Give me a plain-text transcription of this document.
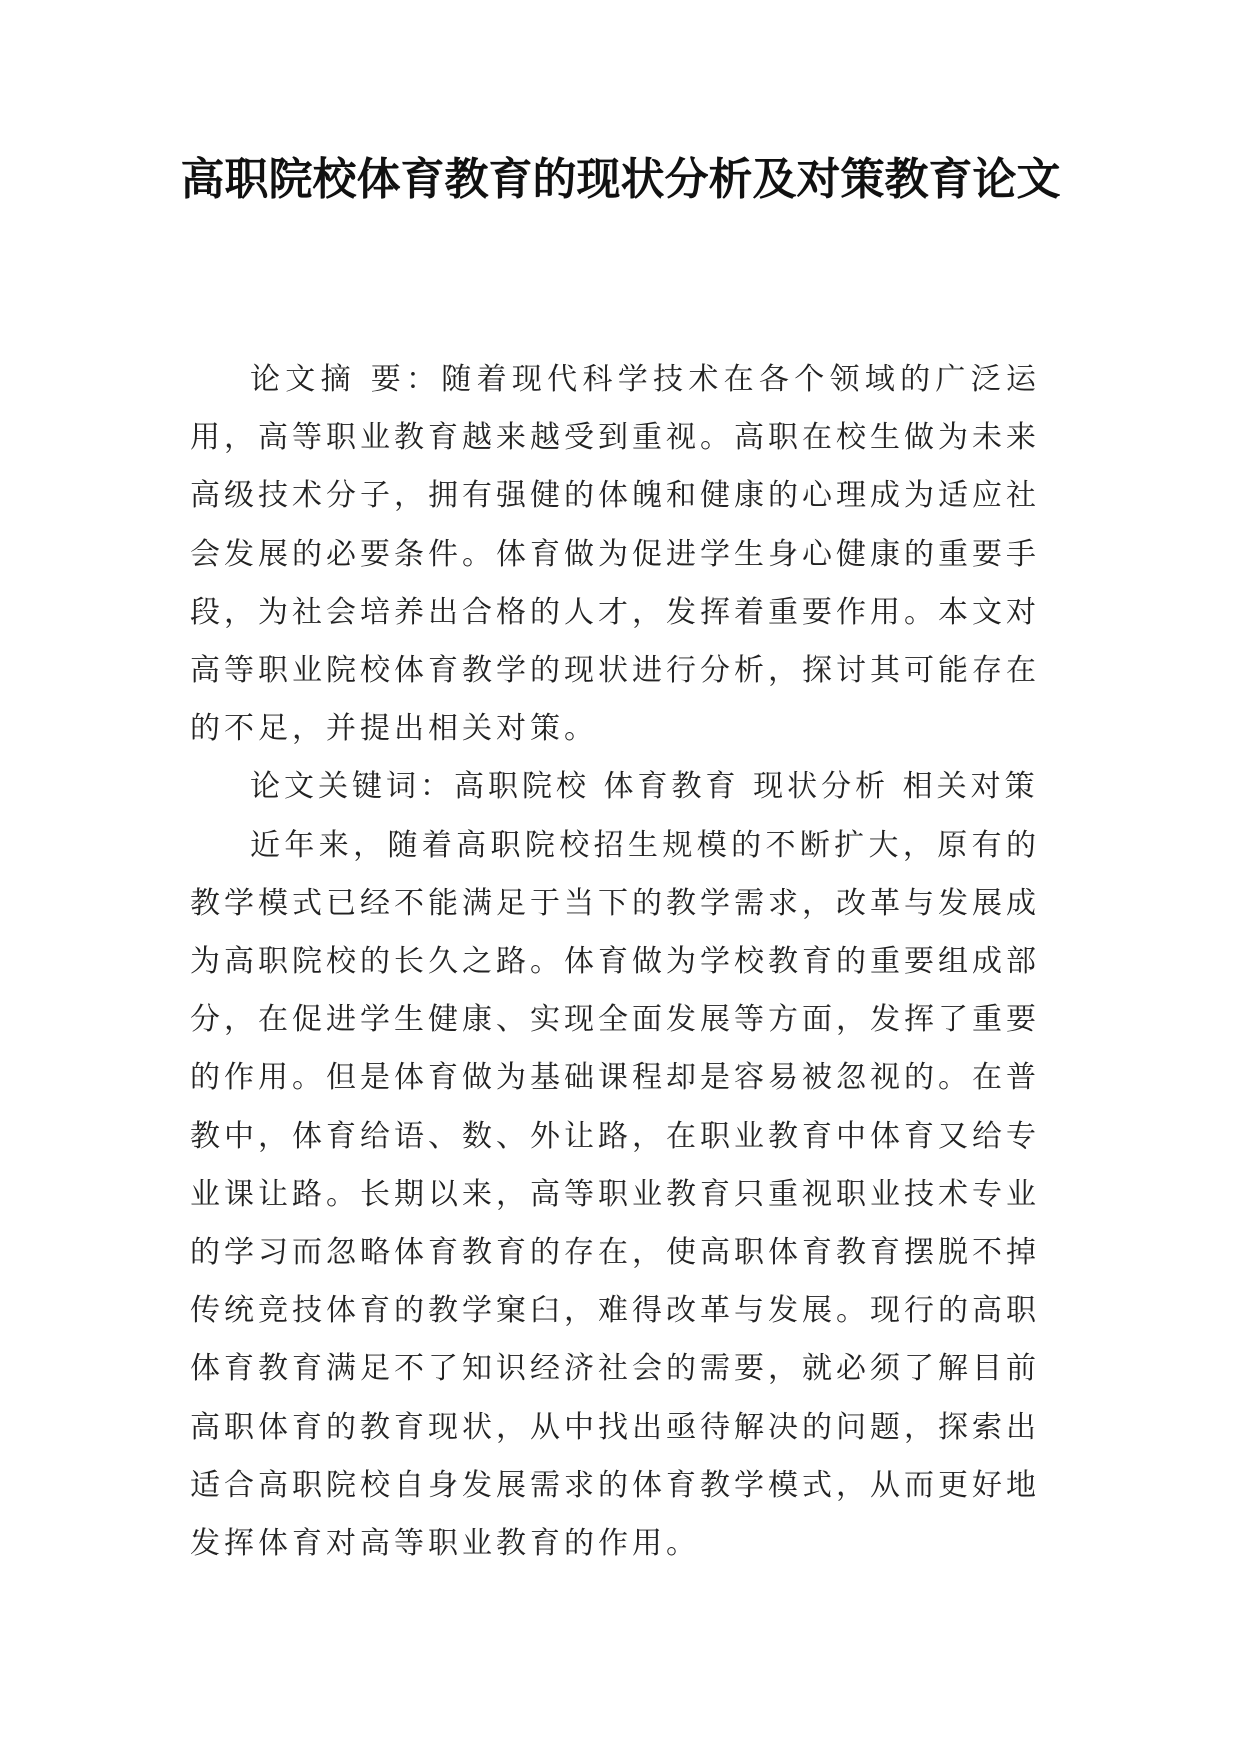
高职院校体育教育的现状分析及对策教育论文

论文摘 要：随着现代科学技术在各个领域的广泛运用，高等职业教育越来越受到重视。高职在校生做为未来高级技术分子，拥有强健的体魄和健康的心理成为适应社会发展的必要条件。体育做为促进学生身心健康的重要手段，为社会培养出合格的人才，发挥着重要作用。本文对高等职业院校体育教学的现状进行分析，探讨其可能存在的不足，并提出相关对策。

论文关键词：高职院校 体育教育 现状分析 相关对策

近年来，随着高职院校招生规模的不断扩大，原有的教学模式已经不能满足于当下的教学需求，改革与发展成为高职院校的长久之路。体育做为学校教育的重要组成部分，在促进学生健康、实现全面发展等方面，发挥了重要的作用。但是体育做为基础课程却是容易被忽视的。在普教中，体育给语、数、外让路，在职业教育中体育又给专业课让路。长期以来，高等职业教育只重视职业技术专业的学习而忽略体育教育的存在，使高职体育教育摆脱不掉传统竞技体育的教学窠臼，难得改革与发展。现行的高职体育教育满足不了知识经济社会的需要，就必须了解目前高职体育的教育现状，从中找出亟待解决的问题，探索出适合高职院校自身发展需求的体育教学模式，从而更好地发挥体育对高等职业教育的作用。
